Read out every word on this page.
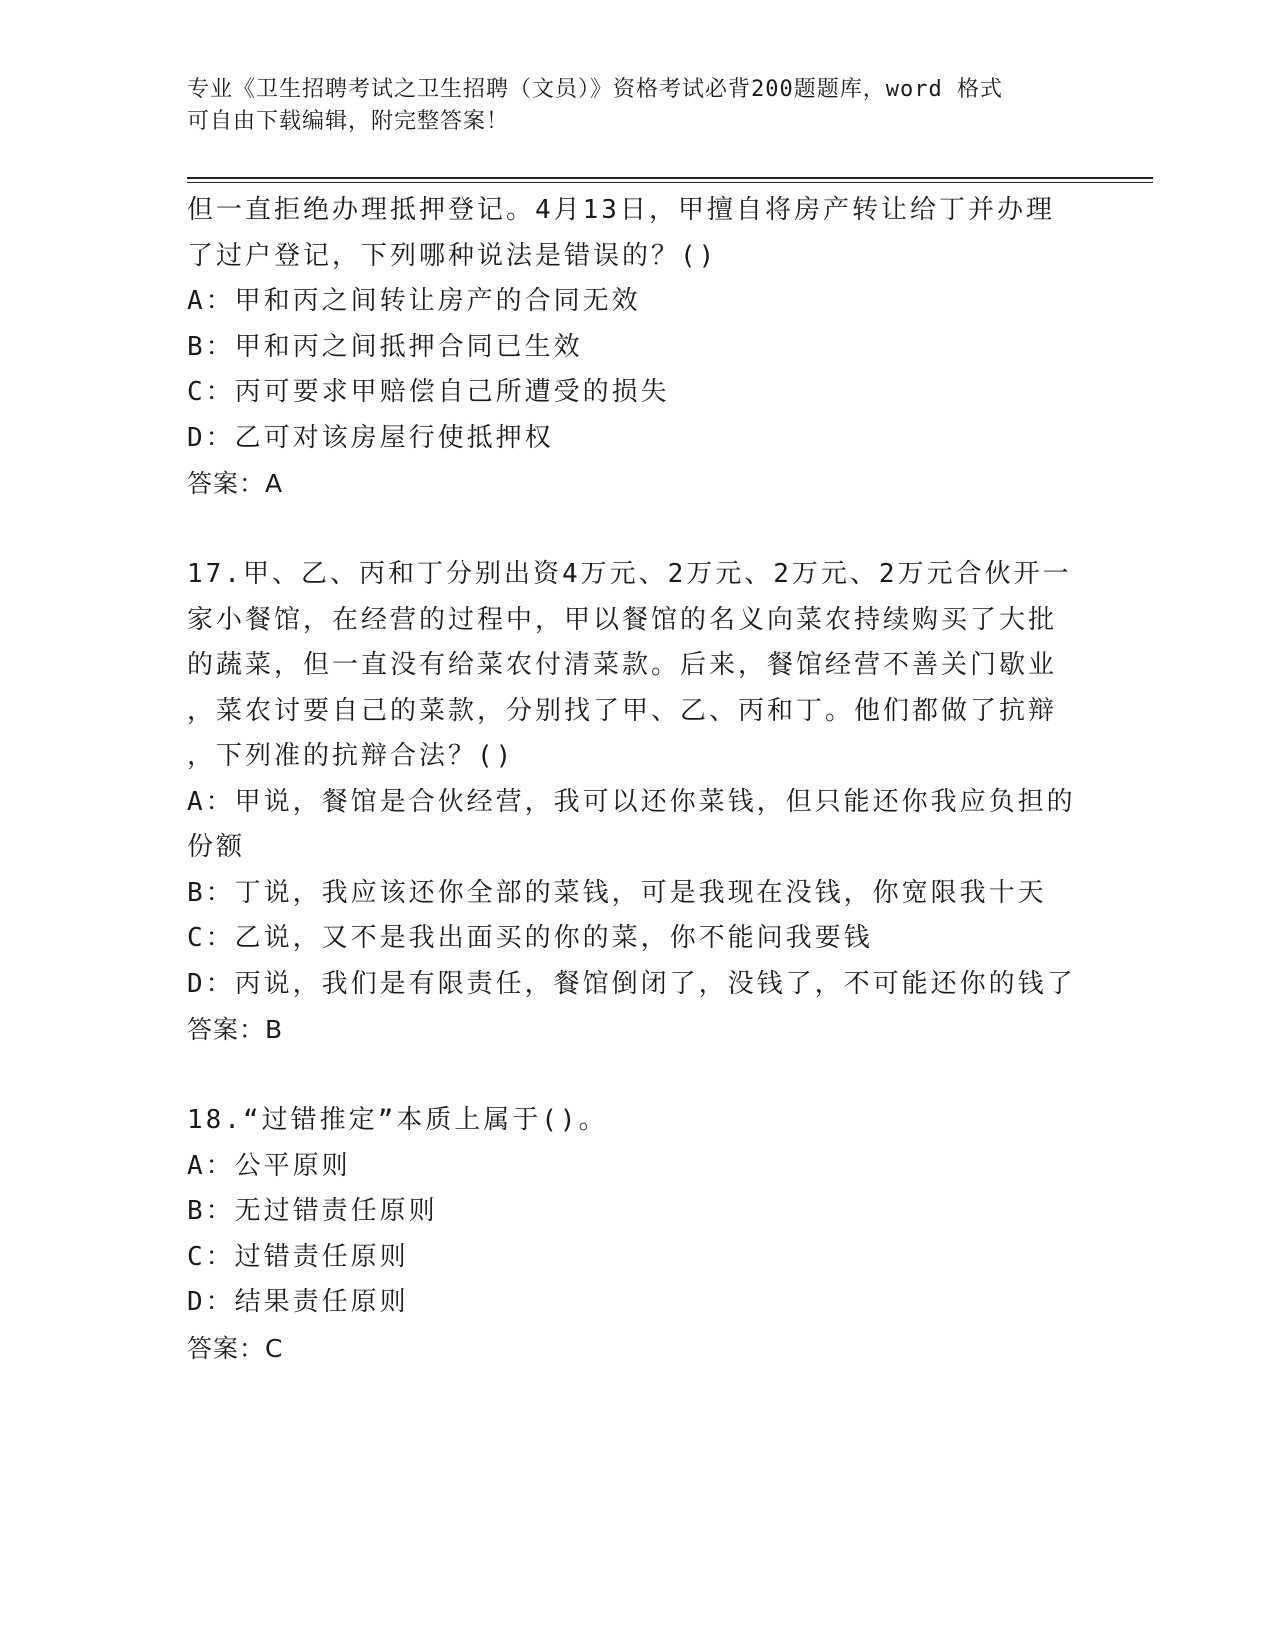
专业《卫生招聘考试之卫生招聘（文员）》资格考试必背200题题库，word 格式
可自由下载编辑，附完整答案！
但一直拒绝办理抵押登记。4月13日，甲擅自将房产转让给丁并办理
了过户登记，下列哪种说法是错误的？()
A：甲和丙之间转让房产的合同无效
B：甲和丙之间抵押合同已生效
C：丙可要求甲赔偿自己所遭受的损失
D：乙可对该房屋行使抵押权
答案：A
17.甲、乙、丙和丁分别出资4万元、2万元、2万元、2万元合伙开一
家小餐馆，在经营的过程中，甲以餐馆的名义向菜农持续购买了大批
的蔬菜，但一直没有给菜农付清菜款。后来，餐馆经营不善关门歇业
，菜农讨要自己的菜款，分别找了甲、乙、丙和丁。他们都做了抗辩
，下列准的抗辩合法？()
A：甲说，餐馆是合伙经营，我可以还你菜钱，但只能还你我应负担的
份额
B：丁说，我应该还你全部的菜钱，可是我现在没钱，你宽限我十天
C：乙说，又不是我出面买的你的菜，你不能问我要钱
D：丙说，我们是有限责任，餐馆倒闭了，没钱了，不可能还你的钱了
答案：B
18.“过错推定”本质上属于()。
A：公平原则
B：无过错责任原则
C：过错责任原则
D：结果责任原则
答案：C
